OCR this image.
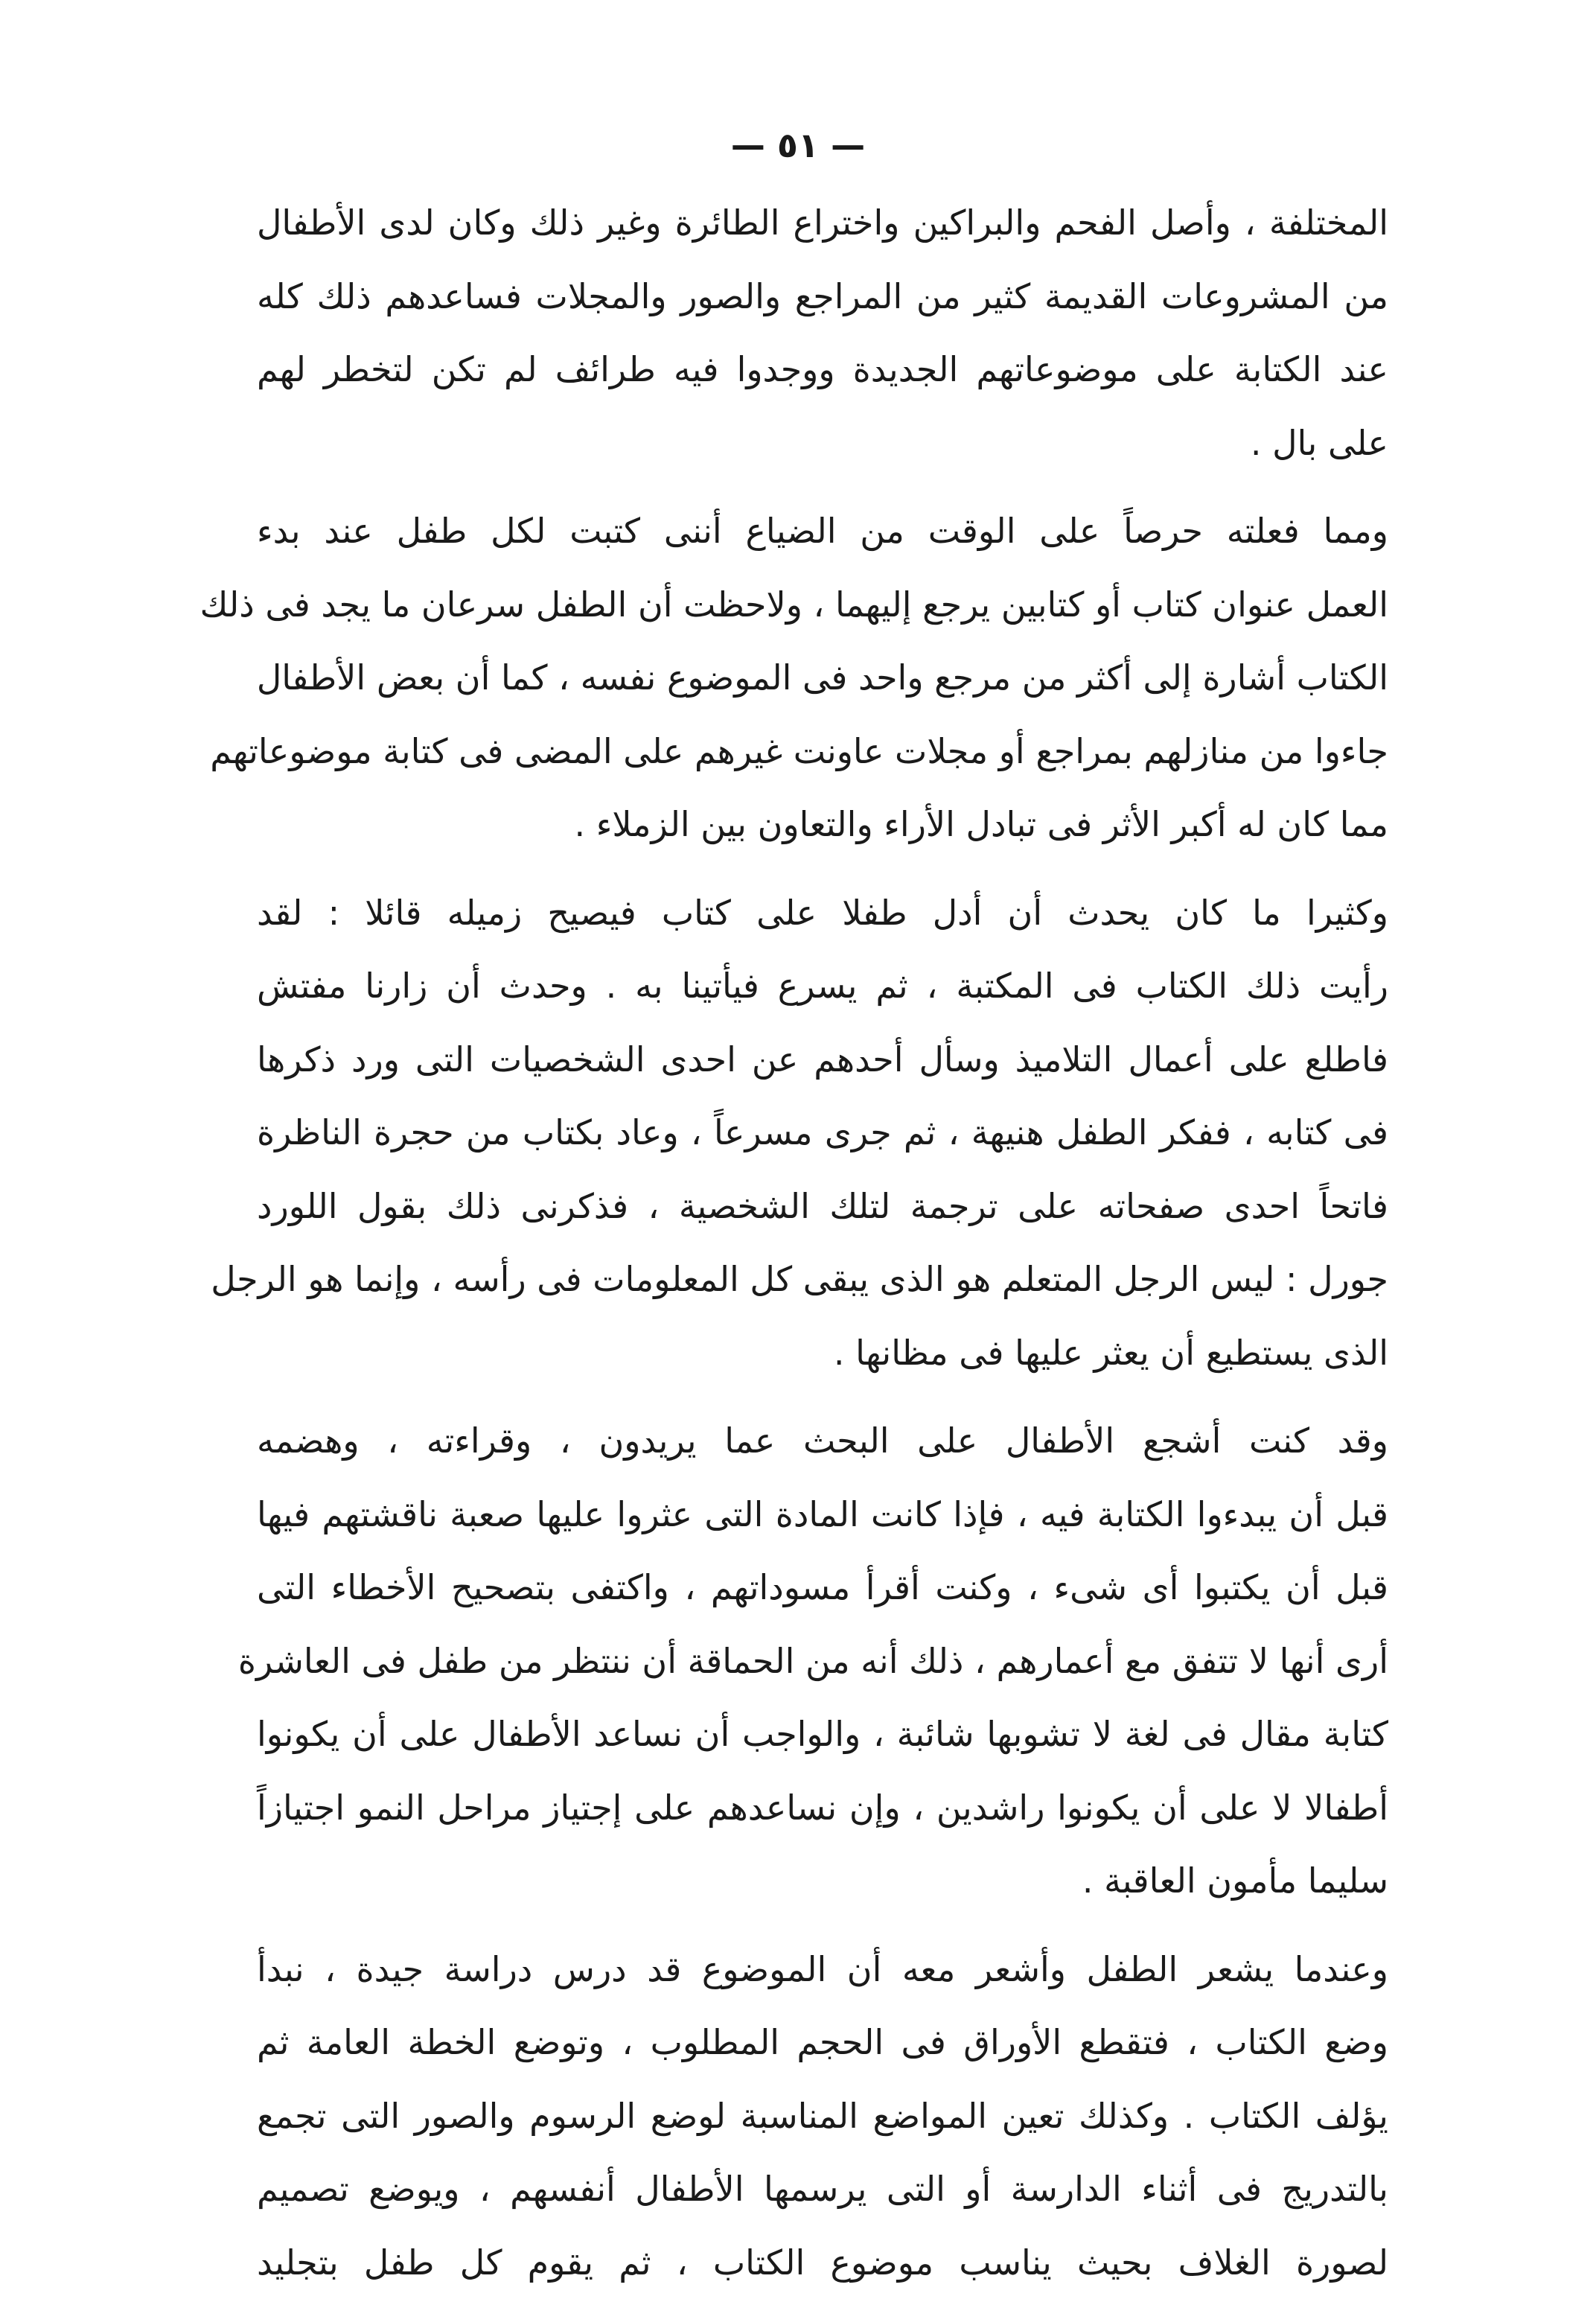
— ٥١ —
المختلفة ، وأصل الفحم والبراكين واختراع الطائرة وغير ذلك وكان لدى الأطفال
من المشروعات القديمة كثير من المراجع والصور والمجلات فساعدهم ذلك كله
عند الكتابة على موضوعاتهم الجديدة ووجدوا فيه طرائف لم تكن لتخطر لهم
على بال .
ومما فعلته حرصاً على الوقت من الضياع أننى كتبت لكل طفل عند بدء
العمل عنوان كتاب أو كتابين يرجع إليهما ، ولاحظت أن الطفل سرعان ما يجد فى ذلك
الكتاب أشارة إلى أكثر من مرجع واحد فى الموضوع نفسه ، كما أن بعض الأطفال
جاءوا من منازلهم بمراجع أو مجلات عاونت غيرهم على المضى فى كتابة موضوعاتهم
مما كان له أكبر الأثر فى تبادل الأراء والتعاون بين الزملاء .
وكثيرا ما كان يحدث أن أدل طفلا على كتاب فيصيح زميله قائلا : لقد
رأيت ذلك الكتاب فى المكتبة ، ثم يسرع فيأتينا به . وحدث أن زارنا مفتش
فاطلع على أعمال التلاميذ وسأل أحدهم عن احدى الشخصيات التى ورد ذكرها
فى كتابه ، ففكر الطفل هنيهة ، ثم جرى مسرعاً ، وعاد بكتاب من حجرة الناظرة
فاتحاً احدى صفحاته على ترجمة لتلك الشخصية ، فذكرنى ذلك بقول اللورد
جورل : ليس الرجل المتعلم هو الذى يبقى كل المعلومات فى رأسه ، وإنما هو الرجل
الذى يستطيع أن يعثر عليها فى مظانها .
وقد كنت أشجع الأطفال على البحث عما يريدون ، وقراءته ، وهضمه
قبل أن يبدءوا الكتابة فيه ، فإذا كانت المادة التى عثروا عليها صعبة ناقشتهم فيها
قبل أن يكتبوا أى شىء ، وكنت أقرأ مسوداتهم ، واكتفى بتصحيح الأخطاء التى
أرى أنها لا تتفق مع أعمارهم ، ذلك أنه من الحماقة أن ننتظر من طفل فى العاشرة
كتابة مقال فى لغة لا تشوبها شائبة ، والواجب أن نساعد الأطفال على أن يكونوا
أطفالا لا على أن يكونوا راشدين ، وإن نساعدهم على إجتياز مراحل النمو اجتيازاً
سليما مأمون العاقبة .
وعندما يشعر الطفل وأشعر معه أن الموضوع قد درس دراسة جيدة ، نبدأ
وضع الكتاب ، فتقطع الأوراق فى الحجم المطلوب ، وتوضع الخطة العامة ثم
يؤلف الكتاب . وكذلك تعين المواضع المناسبة لوضع الرسوم والصور التى تجمع
بالتدريج فى أثناء الدارسة أو التى يرسمها الأطفال أنفسهم ، ويوضع تصميم
لصورة الغلاف بحيث يناسب موضوع الكتاب ، ثم يقوم كل طفل بتجليد
